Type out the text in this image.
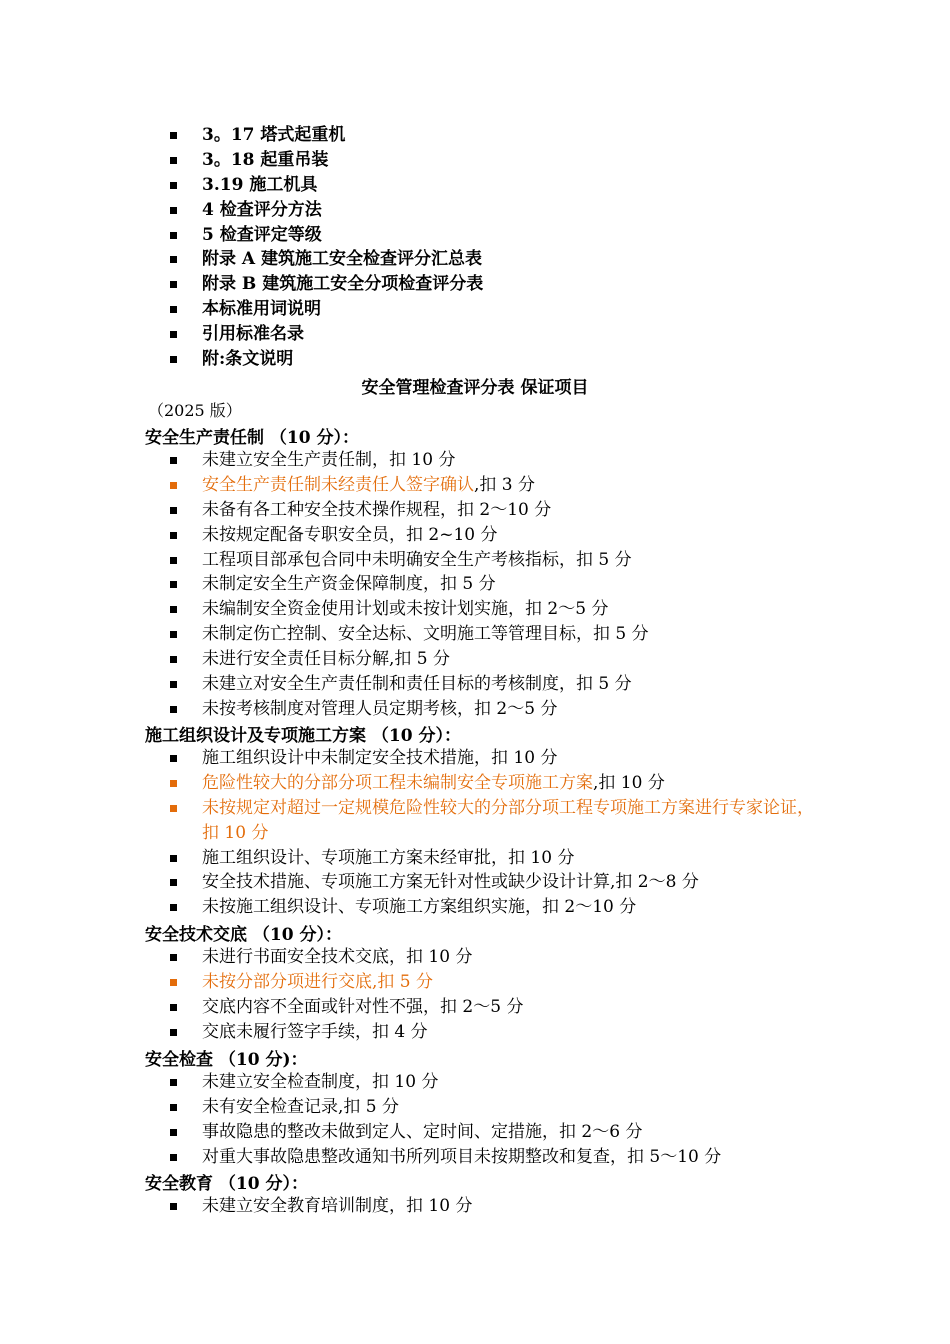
3。17 塔式起重机
3。18 起重吊装
3.19 施工机具
4 检查评分方法
5 检查评定等级
附录 A 建筑施工安全检查评分汇总表
附录 B 建筑施工安全分项检查评分表
本标准用词说明
引用标准名录
附:条文说明
安全管理检查评分表 保证项目
（2025 版）
安全生产责任制 （10 分）：
未建立安全生产责任制，扣 10 分
安全生产责任制未经责任人签字确认,扣 3 分
未备有各工种安全技术操作规程，扣 2～10 分
未按规定配备专职安全员，扣 2~10 分
工程项目部承包合同中未明确安全生产考核指标，扣 5 分
未制定安全生产资金保障制度，扣 5 分
未编制安全资金使用计划或未按计划实施，扣 2～5 分
未制定伤亡控制、安全达标、文明施工等管理目标，扣 5 分
未进行安全责任目标分解,扣 5 分
未建立对安全生产责任制和责任目标的考核制度，扣 5 分
未按考核制度对管理人员定期考核，扣 2～5 分
施工组织设计及专项施工方案 （10 分）：
施工组织设计中未制定安全技术措施，扣 10 分
危险性较大的分部分项工程未编制安全专项施工方案,扣 10 分
未按规定对超过一定规模危险性较大的分部分项工程专项施工方案进行专家论证，扣 10 分
施工组织设计、专项施工方案未经审批，扣 10 分
安全技术措施、专项施工方案无针对性或缺少设计计算,扣 2～8 分
未按施工组织设计、专项施工方案组织实施，扣 2～10 分
安全技术交底 （10 分）：
未进行书面安全技术交底，扣 10 分
未按分部分项进行交底,扣 5 分
交底内容不全面或针对性不强，扣 2～5 分
交底未履行签字手续，扣 4 分
安全检查 （10 分)：
未建立安全检查制度，扣 10 分
未有安全检查记录,扣 5 分
事故隐患的整改未做到定人、定时间、定措施，扣 2～6 分
对重大事故隐患整改通知书所列项目未按期整改和复查，扣 5～10 分
安全教育 （10 分）：
未建立安全教育培训制度，扣 10 分
